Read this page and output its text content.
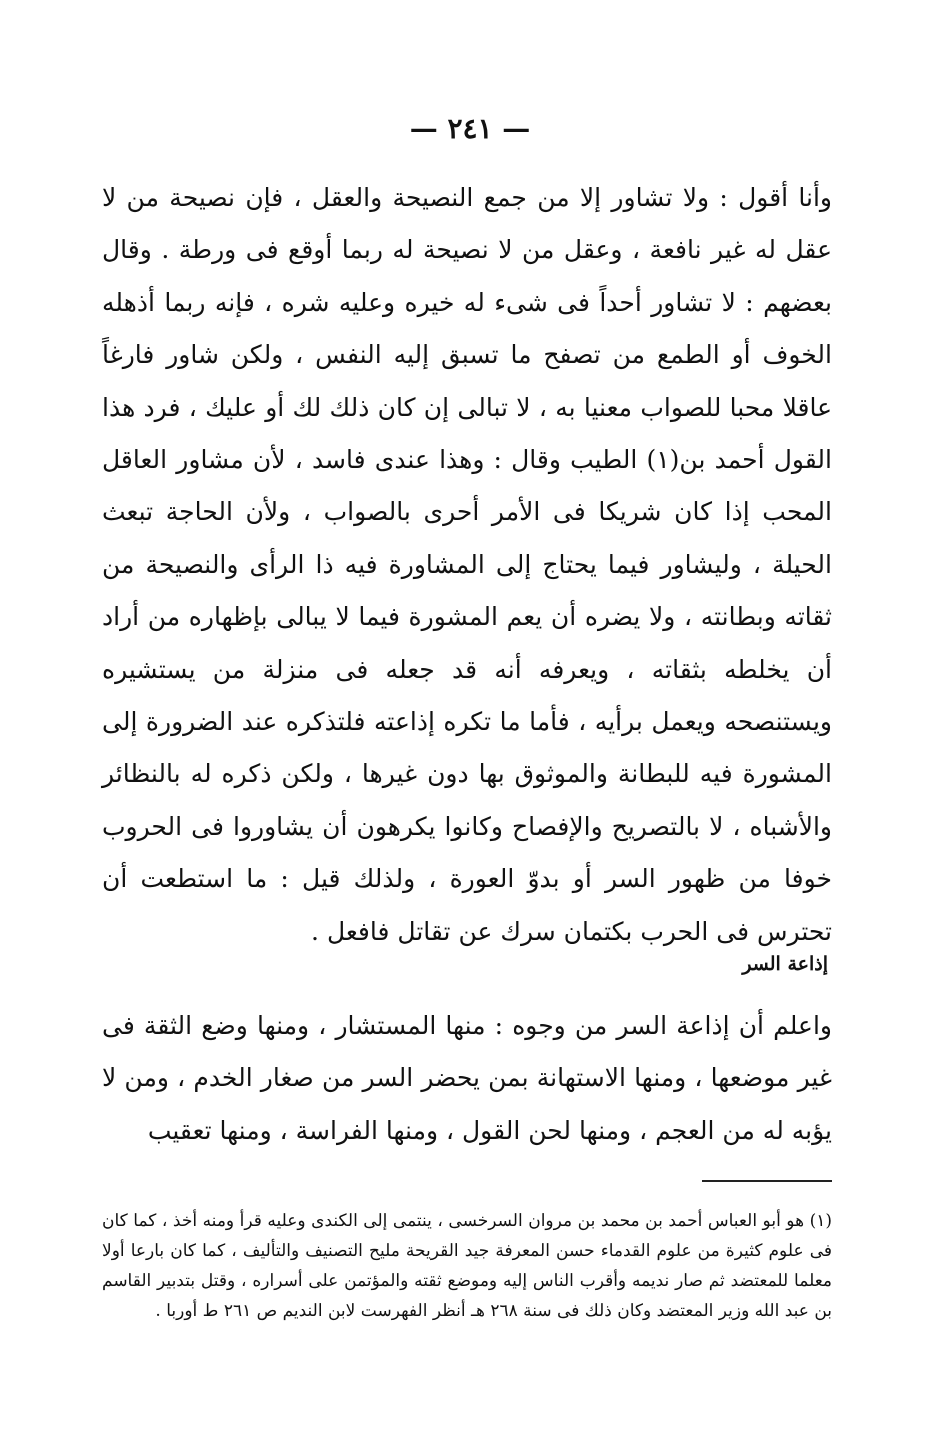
— ٢٤١ —

وأنا أقول : ولا تشاور إلا من جمع النصيحة والعقل ، فإن نصيحة من لا عقل له غير نافعة ، وعقل من لا نصيحة له ربما أوقع فى ورطة . وقال بعضهم : لا تشاور أحداً فى شىء له خيره وعليه شره ، فإنه ربما أذهله الخوف أو الطمع من تصفح ما تسبق إليه النفس ، ولكن شاور فارغاً عاقلا محبا للصواب معنيا به ، لا تبالى إن كان ذلك لك أو عليك ، فرد هذا القول أحمد بن(١) الطيب وقال : وهذا عندى فاسد ، لأن مشاور العاقل المحب إذا كان شريكا فى الأمر أحرى بالصواب ، ولأن الحاجة تبعث الحيلة ، وليشاور فيما يحتاج إلى المشاورة فيه ذا الرأى والنصيحة من ثقاته وبطانته ، ولا يضره أن يعم المشورة فيما لا يبالى بإظهاره من أراد أن يخلطه بثقاته ، ويعرفه أنه قد جعله فى منزلة من يستشيره ويستنصحه ويعمل برأيه ، فأما ما تكره إذاعته فلتذكره عند الضرورة إلى المشورة فيه للبطانة والموثوق بها دون غيرها ، ولكن ذكره له بالنظائر والأشباه ، لا بالتصريح والإفصاح وكانوا يكرهون أن يشاوروا فى الحروب خوفا من ظهور السر أو بدوّ العورة ، ولذلك قيل : ما استطعت أن تحترس فى الحرب بكتمان سرك عن تقاتل فافعل .

إذاعة السر

واعلم أن إذاعة السر من وجوه : منها المستشار ، ومنها وضع الثقة فى غير موضعها ، ومنها الاستهانة بمن يحضر السر من صغار الخدم ، ومن لا يؤبه له من العجم ، ومنها لحن القول ، ومنها الفراسة ، ومنها تعقيب

(١) هو أبو العباس أحمد بن محمد بن مروان السرخسى ، ينتمى إلى الكندى وعليه قرأ ومنه أخذ ، كما كان فى علوم كثيرة من علوم القدماء حسن المعرفة جيد القريحة مليح التصنيف والتأليف ، كما كان بارعا أولا معلما للمعتضد ثم صار نديمه وأقرب الناس إليه وموضع ثقته والمؤتمن على أسراره ، وقتل بتدبير القاسم بن عبد الله وزير المعتضد وكان ذلك فى سنة ٢٦٨ هـ أنظر الفهرست لابن النديم ص ٢٦١ ط أوربا .
